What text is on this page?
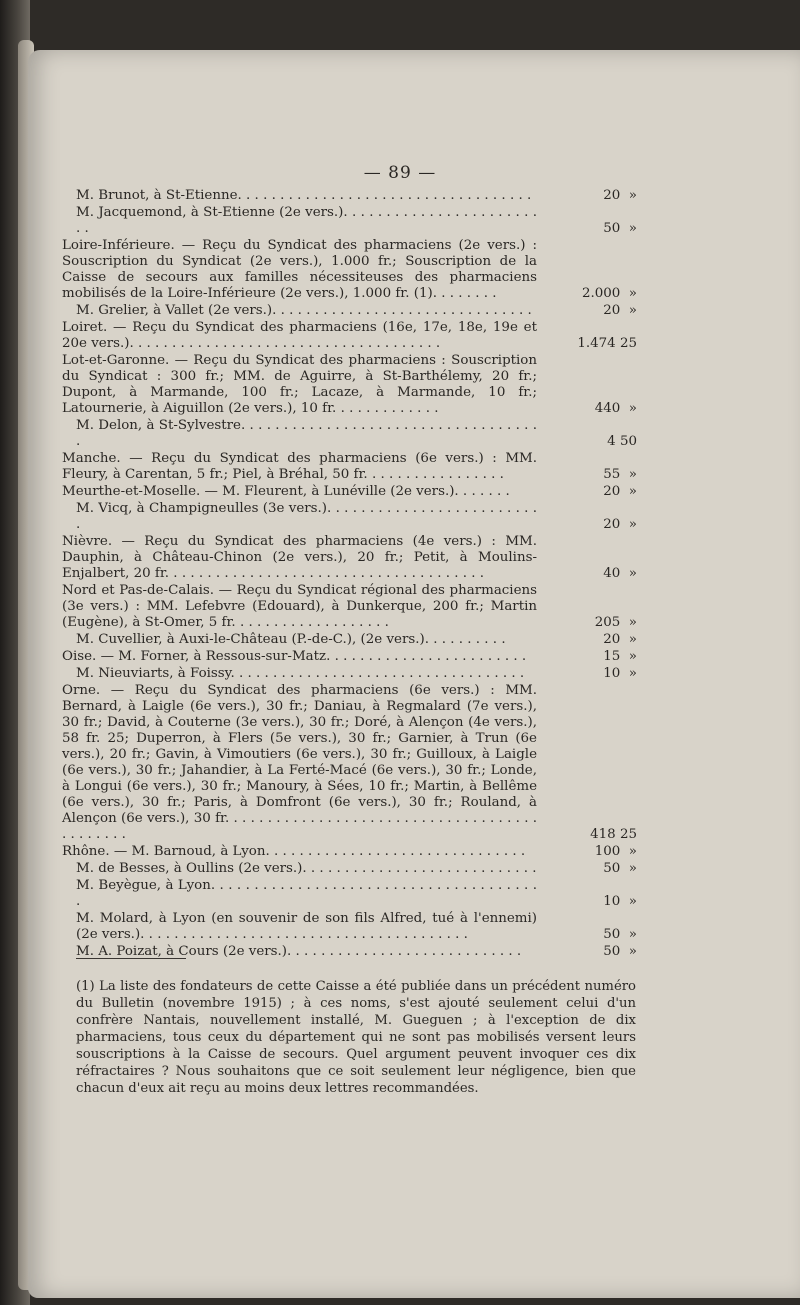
— 89 —
M. Brunot, à St-Etienne. . . . . . . . . . . . . . . . . . . . . . . . . . . . . . . . . . .	20  »
M. Jacquemond, à St-Etienne (2e vers.). . . . . . . . . . . . . . . . . . . . . . . . .	50  »
Loire-Inférieure. — Reçu du Syndicat des pharmaciens (2e vers.) : Souscription du Syndicat (2e vers.), 1.000 fr.; Souscription de la Caisse de secours aux familles nécessiteuses des pharmaciens mobilisés de la Loire-Inférieure (2e vers.), 1.000 fr. (1). . . . . . . .	2.000  »
M. Grelier, à Vallet (2e vers.). . . . . . . . . . . . . . . . . . . . . . . . . . . . . . .	20  »
Loiret. — Reçu du Syndicat des pharmaciens (16e, 17e, 18e, 19e et 20e vers.). . . . . . . . . . . . . . . . . . . . . . . . . . . . . . . . . . . . .	1.474 25
Lot-et-Garonne. — Reçu du Syndicat des pharmaciens : Souscription du Syndicat : 300 fr.; MM. de Aguirre, à St-Barthélemy, 20 fr.; Dupont, à Marmande, 100 fr.; Lacaze, à Marmande, 10 fr.; Latournerie, à Aiguillon (2e vers.), 10 fr. . . . . . . . . . . . .	440  »
M. Delon, à St-Sylvestre. . . . . . . . . . . . . . . . . . . . . . . . . . . . . . . . . . . .	4 50
Manche. — Reçu du Syndicat des pharmaciens (6e vers.) : MM. Fleury, à Carentan, 5 fr.; Piel, à Bréhal, 50 fr. . . . . . . . . . . . . . . . .	55  »
Meurthe-et-Moselle. — M. Fleurent, à Lunéville (2e vers.). . . . . . .	20  »
M. Vicq, à Champigneulles (3e vers.). . . . . . . . . . . . . . . . . . . . . . . . . .	20  »
Nièvre. — Reçu du Syndicat des pharmaciens (4e vers.) : MM. Dauphin, à Château-Chinon (2e vers.), 20 fr.; Petit, à Moulins-Enjalbert, 20 fr. . . . . . . . . . . . . . . . . . . . . . . . . . . . . . . . . . . . . .	40  »
Nord et Pas-de-Calais. — Reçu du Syndicat régional des pharmaciens (3e vers.) : MM. Lefebvre (Edouard), à Dunkerque, 200 fr.; Martin (Eugène), à St-Omer, 5 fr. . . . . . . . . . . . . . . . . . .	205  »
M. Cuvellier, à Auxi-le-Château (P.-de-C.), (2e vers.). . . . . . . . . .	20  »
Oise. — M. Forner, à Ressous-sur-Matz. . . . . . . . . . . . . . . . . . . . . . . .	15  »
M. Nieuviarts, à Foissy. . . . . . . . . . . . . . . . . . . . . . . . . . . . . . . . . . .	10  »
Orne. — Reçu du Syndicat des pharmaciens (6e vers.) : MM. Bernard, à Laigle (6e vers.), 30 fr.; Daniau, à Regmalard (7e vers.), 30 fr.; David, à Couterne (3e vers.), 30 fr.; Doré, à Alençon (4e vers.), 58 fr. 25; Duperron, à Flers (5e vers.), 30 fr.; Garnier, à Trun (6e vers.), 20 fr.; Gavin, à Vimoutiers (6e vers.), 30 fr.; Guilloux, à Laigle (6e vers.), 30 fr.; Jahandier, à La Ferté-Macé (6e vers.), 30 fr.; Londe, à Longui (6e vers.), 30 fr.; Manoury, à Sées, 10 fr.; Martin, à Bellême (6e vers.), 30 fr.; Paris, à Domfront (6e vers.), 30 fr.; Rouland, à Alençon (6e vers.), 30 fr. . . . . . . . . . . . . . . . . . . . . . . . . . . . . . . . . . . . . . . . . . . . .	418 25
Rhône. — M. Barnoud, à Lyon. . . . . . . . . . . . . . . . . . . . . . . . . . . . . . .	100  »
M. de Besses, à Oullins (2e vers.). . . . . . . . . . . . . . . . . . . . . . . . . . . .	50  »
M. Beyègue, à Lyon. . . . . . . . . . . . . . . . . . . . . . . . . . . . . . . . . . . . . . .	10  »
M. Molard, à Lyon (en souvenir de son fils Alfred, tué à l'ennemi) (2e vers.). . . . . . . . . . . . . . . . . . . . . . . . . . . . . . . . . . . . . . .	50  »
M. A. Poizat, à Cours (2e vers.). . . . . . . . . . . . . . . . . . . . . . . . . . . .	50  »
(1) La liste des fondateurs de cette Caisse a été publiée dans un précédent numéro du Bulletin (novembre 1915) ; à ces noms, s'est ajouté seulement celui d'un confrère Nantais, nouvellement installé, M. Gueguen ; à l'exception de dix pharmaciens, tous ceux du département qui ne sont pas mobilisés versent leurs souscriptions à la Caisse de secours. Quel argument peuvent invoquer ces dix réfractaires ? Nous souhaitons que ce soit seulement leur négligence, bien que chacun d'eux ait reçu au moins deux lettres recommandées.
